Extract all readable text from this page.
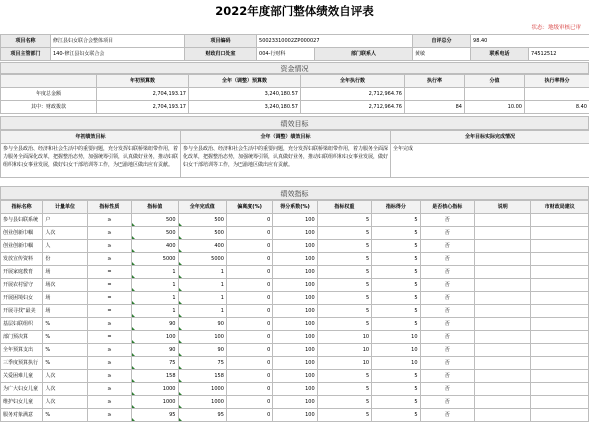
2022年度部门整体绩效自评表
状态：地级审核已审
项目名称	修江县妇女联合会整体项目	项目编码	50023310002ZP000027		自评总分	98.40	
项目主管部门	140-修江县妇女联合会	财政归口处室	004-行财科	部门联系人	黄敏	联系电话	74512512
资金情况
	年初预算数	全年（调整）预算数	全年执行数	执行率	分值	执行率得分
年度总金额	2,704,193.17	3,240,180.57	2,712,964.76			
其中：财政拨款	2,704,193.17	3,240,180.57	2,712,964.76	84	10.00	8.40
绩效目标
年初绩效目标	全年（调整）绩效目标	全年目标实际完成情况
参与全县政治、经济和社会生活中的重要问题，充分发挥妇联桥梁纽带作用，着力服务全面深化改革，把握整治态势，加强统筹引领，认真做好业务，推动妇联组织和妇女事业发展，做好妇女干部培训等工作，为巴渝地区做出应有贡献。	参与全县政治、经济和社会生活中的重要问题，充分发挥妇联桥梁纽带作用，着力服务全面深化改革，把握整治态势，加强统筹引领，认真做好业务，推动妇联组织和妇女事业发展，做好妇女干部培训等工作，为巴渝地区做出应有贡献。	全年完成
绩效指标
指标名称	计量单位	指标性质	指标值	全年完成值	偏离度(%)	得分系数(%)	指标权重	指标得分	是否核心指标	说明	市财政局建议
参与县妇联系统	户	≥	500	500	0	100	5	5	否		
创业创新巾帼	人次	≥	500	500	0	100	5	5	否		
创业创新巾帼	人	≥	400	400	0	100	5	5	否		
发放宣传资料	份	≥	5000	5000	0	100	5	5	否		
开展家庭教育	场	=	1	1	0	100	5	5	否		
开展农村留守	场次	=	1	1	0	100	5	5	否		
开展困境妇女	场	=	1	1	0	100	5	5	否		
开展寻找“最美	场	=	1	1	0	100	5	5	否		
基层妇联组织	%	≥	90	90	0	100	5	5	否		
部门预决算	%	=	100	100	0	100	10	10	否		
全年预算支出	%	≥	90	90	0	100	10	10	否		
三季度预算执行	%	≥	75	75	0	100	10	10	否		
关爱困难儿童	人次	≥	158	158	0	100	5	5	否		
为广大妇女儿童	人次	≥	1000	1000	0	100	5	5	否		
维护妇女儿童	人次	≥	1000	1000	0	100	5	5	否		
服务对象满意	%	≥	95	95	0	100	5	5	否		
